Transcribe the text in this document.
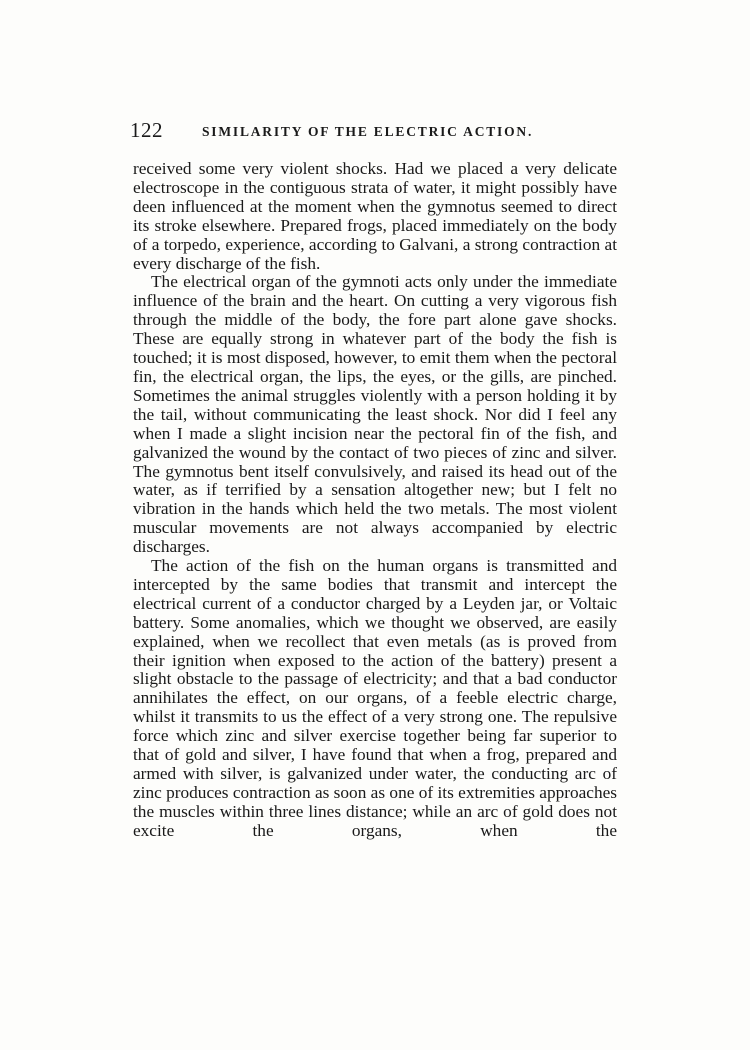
122	SIMILARITY OF THE ELECTRIC ACTION.

received some very violent shocks. Had we placed a very delicate electroscope in the contiguous strata of water, it might possibly have deen influenced at the moment when the gymnotus seemed to direct its stroke elsewhere. Prepared frogs, placed immediately on the body of a torpedo, experience, according to Galvani, a strong contraction at every discharge of the fish.

The electrical organ of the gymnoti acts only under the immediate influence of the brain and the heart. On cutting a very vigorous fish through the middle of the body, the fore part alone gave shocks. These are equally strong in whatever part of the body the fish is touched; it is most disposed, however, to emit them when the pectoral fin, the electrical organ, the lips, the eyes, or the gills, are pinched. Sometimes the animal struggles violently with a person holding it by the tail, without communicating the least shock. Nor did I feel any when I made a slight incision near the pectoral fin of the fish, and galvanized the wound by the contact of two pieces of zinc and silver. The gymnotus bent itself convulsively, and raised its head out of the water, as if terrified by a sensation altogether new; but I felt no vibration in the hands which held the two metals. The most violent muscular movements are not always accompanied by electric discharges.

The action of the fish on the human organs is transmitted and intercepted by the same bodies that transmit and intercept the electrical current of a conductor charged by a Leyden jar, or Voltaic battery. Some anomalies, which we thought we observed, are easily explained, when we recollect that even metals (as is proved from their ignition when exposed to the action of the battery) present a slight obstacle to the passage of electricity; and that a bad conductor annihilates the effect, on our organs, of a feeble electric charge, whilst it transmits to us the effect of a very strong one. The repulsive force which zinc and silver exercise together being far superior to that of gold and silver, I have found that when a frog, prepared and armed with silver, is galvanized under water, the conducting arc of zinc produces contraction as soon as one of its extremities approaches the muscles within three lines distance; while an arc of gold does not excite the organs, when the
